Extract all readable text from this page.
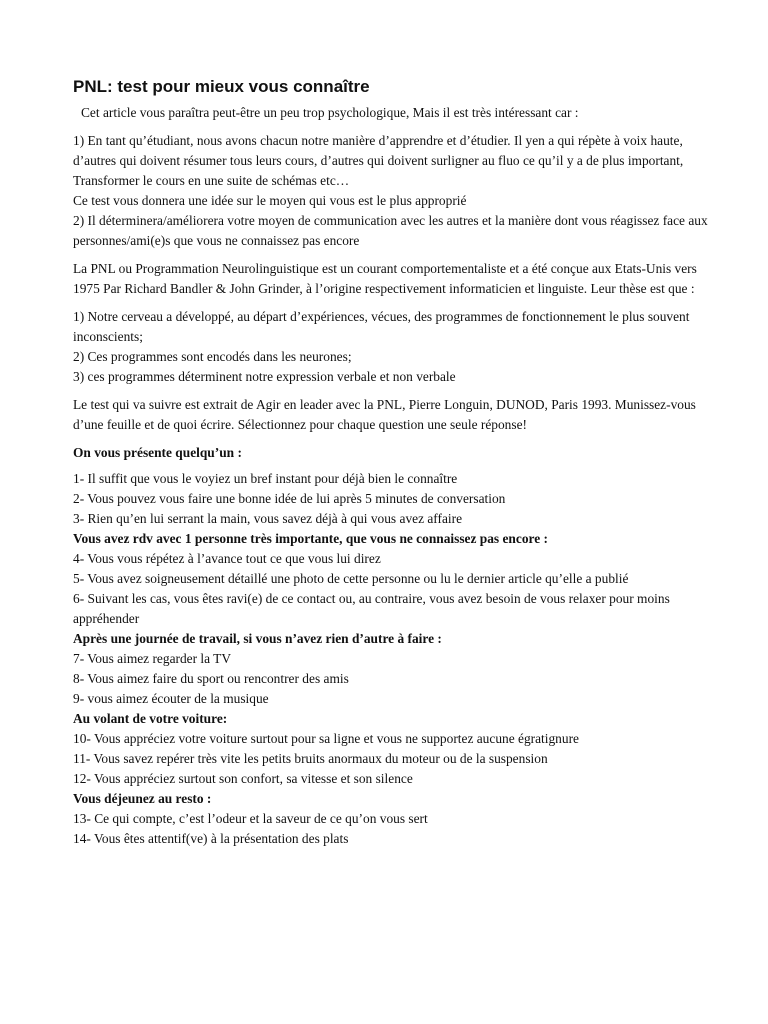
PNL: test pour mieux vous connaître

Cet article vous paraîtra peut-être un peu trop psychologique, Mais il est très intéressant car :

1) En tant qu’étudiant, nous avons chacun notre manière d’apprendre et d’étudier. Il yen a qui répète à voix haute, d’autres qui doivent résumer tous leurs cours, d’autres qui doivent surligner au fluo ce qu’il y a de plus important,

Transformer le cours en une suite de schémas etc…

Ce test vous donnera une idée sur le moyen qui vous est le plus approprié

2) Il déterminera/améliorera votre moyen de communication avec les autres et la manière dont vous réagissez face aux personnes/ami(e)s que vous ne connaissez pas encore

La PNL ou Programmation Neurolinguistique est un courant comportementaliste et a été conçue aux Etats-Unis vers 1975 Par Richard Bandler & John Grinder, à l’origine respectivement informaticien et linguiste. Leur thèse est que :

1) Notre cerveau a développé, au départ d’expériences, vécues, des programmes de fonctionnement le plus souvent inconscients;

2) Ces programmes sont encodés dans les neurones;

3) ces programmes déterminent notre expression verbale et non verbale

Le test qui va suivre est extrait de Agir en leader avec la PNL, Pierre Longuin, DUNOD, Paris 1993. Munissez-vous d’une feuille et de quoi écrire. Sélectionnez pour chaque question une seule réponse!

On vous présente quelqu’un :

1- Il suffit que vous le voyiez un bref instant pour déjà bien le connaître

2- Vous pouvez vous faire une bonne idée de lui après 5 minutes de conversation

3- Rien qu’en lui serrant la main, vous savez déjà à qui vous avez affaire

Vous avez rdv avec 1 personne très importante, que vous ne connaissez pas encore :

4- Vous vous répétez à l’avance tout ce que vous lui direz

5- Vous avez soigneusement détaillé une photo de cette personne ou lu le dernier article qu’elle a publié

6- Suivant les cas, vous êtes ravi(e) de ce contact ou, au contraire, vous avez besoin de vous relaxer pour moins appréhender

Après une journée de travail, si vous n’avez rien d’autre à faire :

7- Vous aimez regarder la TV

8- Vous aimez faire du sport ou rencontrer des amis

9- vous aimez écouter de la musique

Au volant de votre voiture:

10- Vous appréciez votre voiture surtout pour sa ligne et vous ne supportez aucune égratignure

11- Vous savez repérer très vite les petits bruits anormaux du moteur ou de la suspension

12- Vous appréciez surtout son confort, sa vitesse et son silence

Vous déjeunez au resto :

13- Ce qui compte, c’est l’odeur et la saveur de ce qu’on vous sert

14- Vous êtes attentif(ve) à la présentation des plats
